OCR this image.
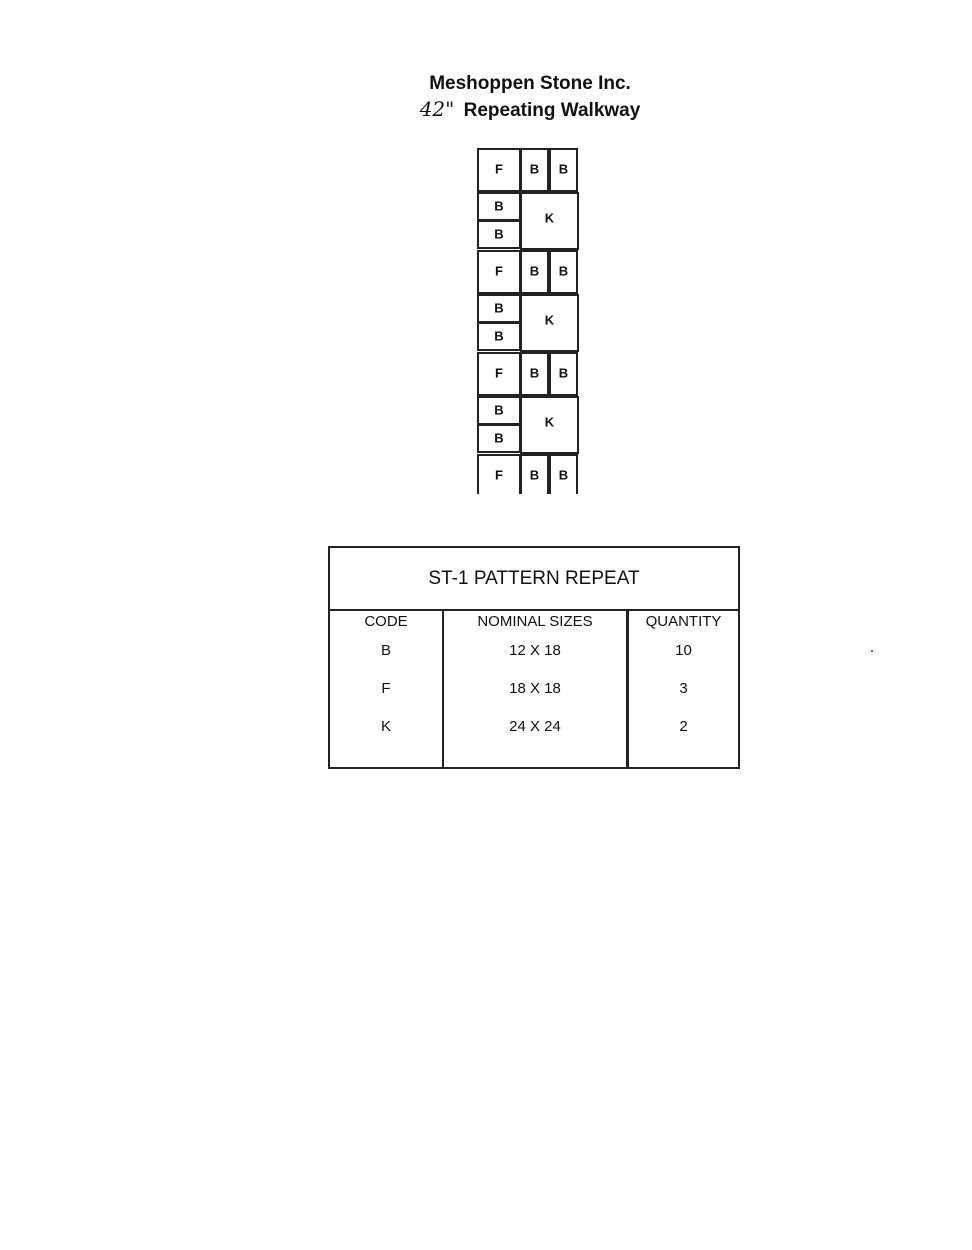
Meshoppen Stone Inc.
42" Repeating Walkway
F B B
B
B
K
F B B
B
B
K
F B B
B
B
K
F B B
ST-1 PATTERN REPEAT
CODE
B
F
K
NOMINAL SIZES
12 X 18
18 X 18
24 X 24
QUANTITY
10
3
2
